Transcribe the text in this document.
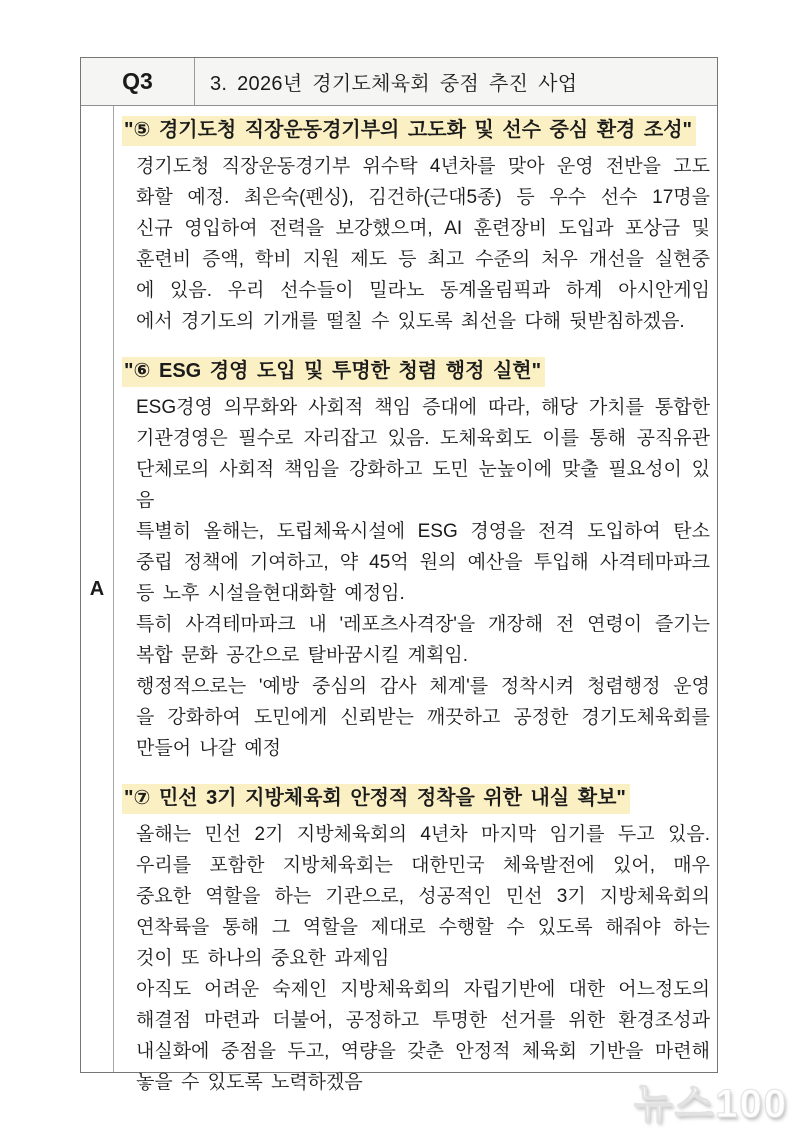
Q3	3. 2026년 경기도체육회 중점 추진 사업
A
"⑤ 경기도청 직장운동경기부의 고도화 및 선수 중심 환경 조성"
경기도청 직장운동경기부 위수탁 4년차를 맞아 운영 전반을 고도
화할 예정. 최은숙(펜싱), 김건하(근대5종) 등 우수 선수 17명을
신규 영입하여 전력을 보강했으며, AI 훈련장비 도입과 포상금 및
훈련비 증액, 학비 지원 제도 등 최고 수준의 처우 개선을 실현중
에 있음. 우리 선수들이 밀라노 동계올림픽과 하계 아시안게임
에서 경기도의 기개를 떨칠 수 있도록 최선을 다해 뒷받침하겠음.
"⑥ ESG 경영 도입 및 투명한 청렴 행정 실현"
ESG경영 의무화와 사회적 책임 증대에 따라, 해당 가치를 통합한
기관경영은 필수로 자리잡고 있음. 도체육회도 이를 통해 공직유관
단체로의 사회적 책임을 강화하고 도민 눈높이에 맞출 필요성이 있음
특별히 올해는, 도립체육시설에 ESG 경영을 전격 도입하여 탄소
중립 정책에 기여하고, 약 45억 원의 예산을 투입해 사격테마파크
등 노후 시설을현대화할 예정임.
특히 사격테마파크 내 '레포츠사격장'을 개장해 전 연령이 즐기는
복합 문화 공간으로 탈바꿈시킬 계획임.
행정적으로는 '예방 중심의 감사 체계'를 정착시켜 청렴행정 운영
을 강화하여 도민에게 신뢰받는 깨끗하고 공정한 경기도체육회를
만들어 나갈 예정
"⑦ 민선 3기 지방체육회 안정적 정착을 위한 내실 확보"
올해는 민선 2기 지방체육회의 4년차 마지막 임기를 두고 있음.
우리를 포함한 지방체육회는 대한민국 체육발전에 있어, 매우
중요한 역할을 하는 기관으로, 성공적인 민선 3기 지방체육회의
연착륙을 통해 그 역할을 제대로 수행할 수 있도록 해줘야 하는
것이 또 하나의 중요한 과제임
아직도 어려운 숙제인 지방체육회의 자립기반에 대한 어느정도의
해결점 마련과 더불어, 공정하고 투명한 선거를 위한 환경조성과
내실화에 중점을 두고, 역량을 갖춘 안정적 체육회 기반을 마련해
놓을 수 있도록 노력하겠음	뉴스100
